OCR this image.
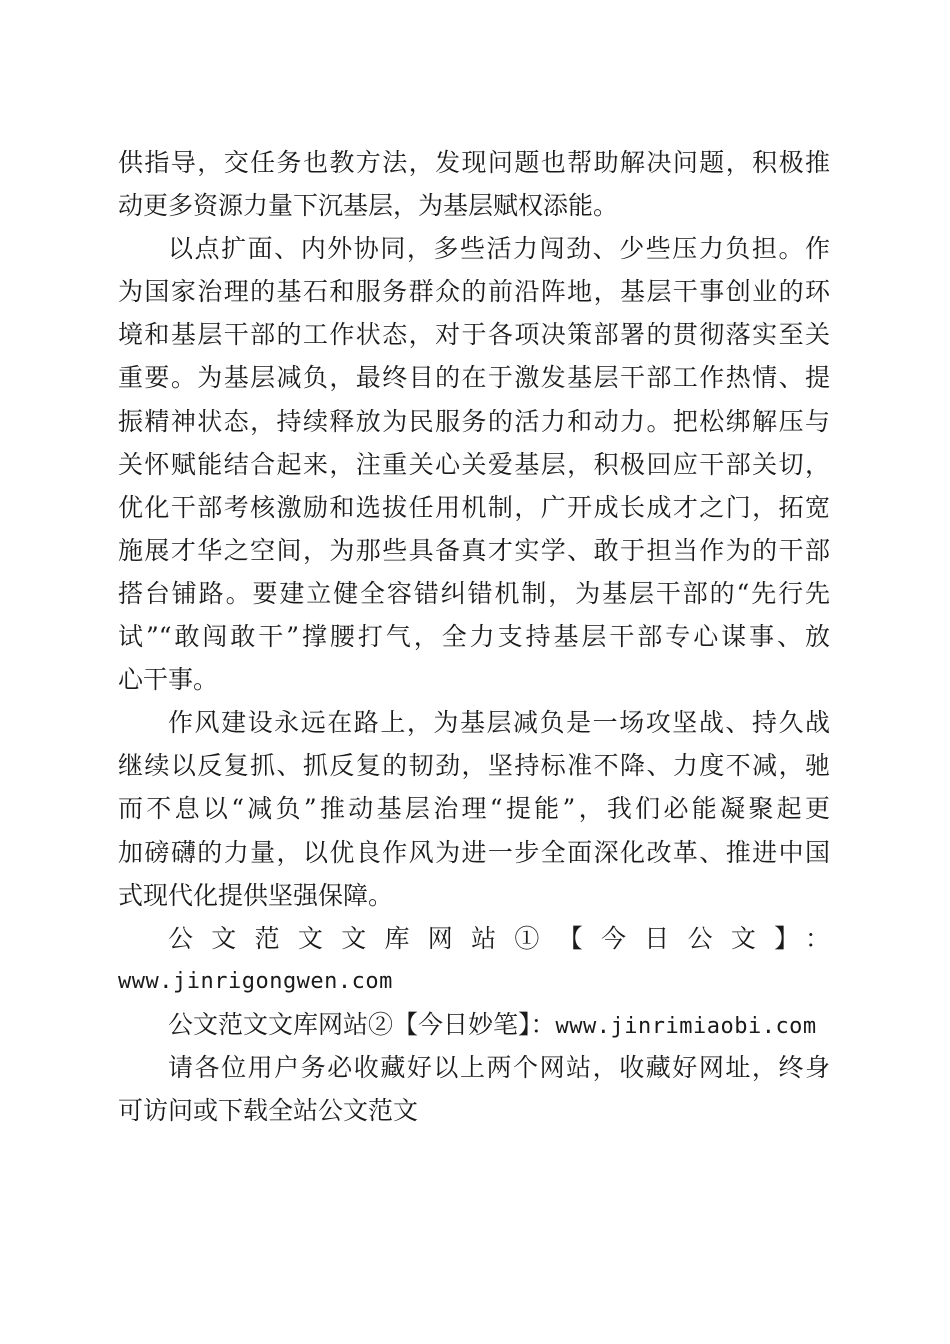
供指导，交任务也教方法，发现问题也帮助解决问题，积极推
动更多资源力量下沉基层，为基层赋权添能。
以点扩面、内外协同，多些活力闯劲、少些压力负担。作
为国家治理的基石和服务群众的前沿阵地，基层干事创业的环
境和基层干部的工作状态，对于各项决策部署的贯彻落实至关
重要。为基层减负，最终目的在于激发基层干部工作热情、提
振精神状态，持续释放为民服务的活力和动力。把松绑解压与
关怀赋能结合起来，注重关心关爱基层，积极回应干部关切，
优化干部考核激励和选拔任用机制，广开成长成才之门，拓宽
施展才华之空间，为那些具备真才实学、敢于担当作为的干部
搭台铺路。要建立健全容错纠错机制，为基层干部的“先行先
试”“敢闯敢干”撑腰打气，全力支持基层干部专心谋事、放
心干事。
作风建设永远在路上，为基层减负是一场攻坚战、持久战
继续以反复抓、抓反复的韧劲，坚持标准不降、力度不减，驰
而不息以“减负”推动基层治理“提能”，我们必能凝聚起更
加磅礴的力量，以优良作风为进一步全面深化改革、推进中国
式现代化提供坚强保障。
公文范文文库网站①【今日公文】：
www.jinrigongwen.com
公文范文文库网站②【今日妙笔】：www.jinrimiaobi.com
请各位用户务必收藏好以上两个网站，收藏好网址，终身
可访问或下载全站公文范文
